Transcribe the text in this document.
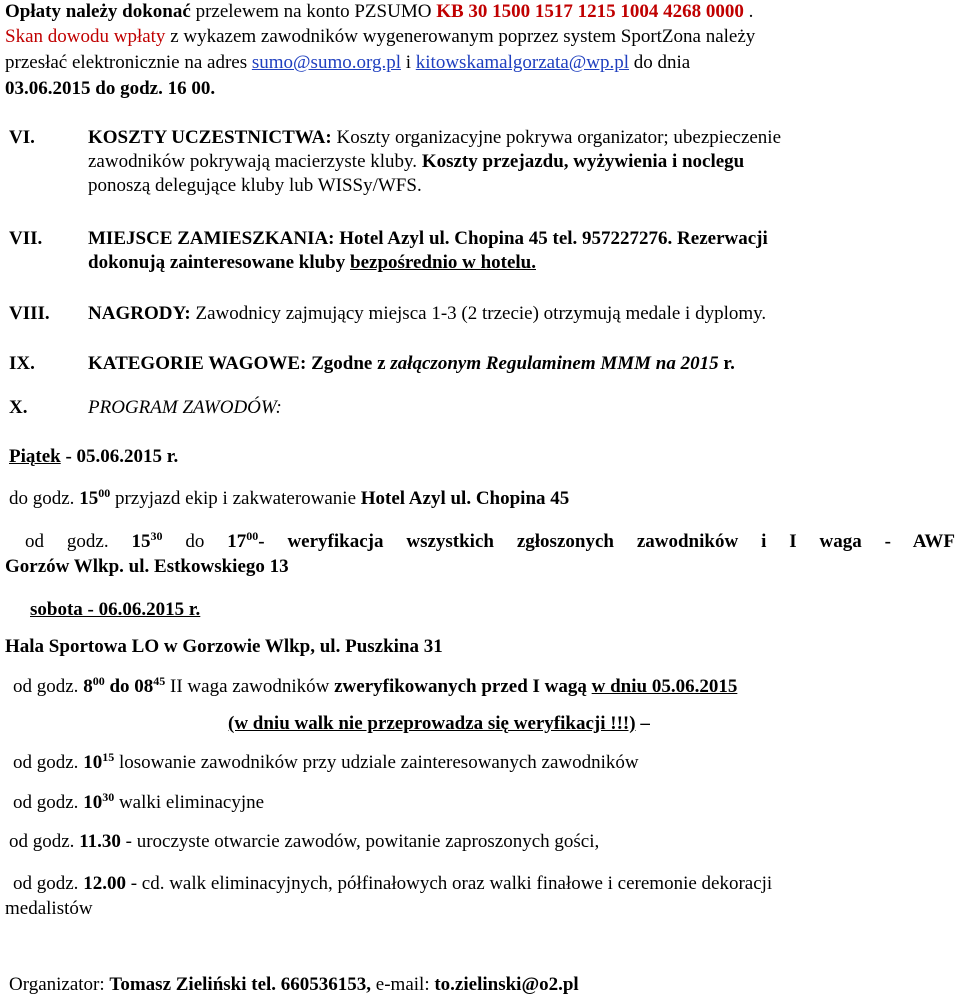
Opłaty należy dokonać przelewem na konto PZSUMO KB 30 1500 1517 1215 1004 4268 0000 .
Skan dowodu wpłaty z wykazem zawodników wygenerowanym poprzez system SportZona należy
przesłać elektronicznie na adres sumo@sumo.org.pl i kitowskamalgorzata@wp.pl do dnia
03.06.2015 do godz. 16 00.
VI.	KOSZTY UCZESTNICTWA: Koszty organizacyjne pokrywa organizator; ubezpieczenie
zawodników pokrywają macierzyste kluby. Koszty przejazdu, wyżywienia i noclegu
ponoszą delegujące kluby lub WISSy/WFS.
VII. MIEJSCE ZAMIESZKANIA: Hotel Azyl ul. Chopina 45 tel. 957227276. Rezerwacji
dokonują zainteresowane kluby bezpośrednio w hotelu.
VIII. NAGRODY: Zawodnicy zajmujący miejsca 1-3 (2 trzecie) otrzymują medale i dyplomy.
IX.	KATEGORIE WAGOWE: Zgodne z załączonym Regulaminem MMM na 2015 r.
X.	PROGRAM ZAWODÓW:
Piątek - 05.06.2015 r.
do godz. $15^{00}$ przyjazd ekip i zakwaterowanie Hotel Azyl ul. Chopina 45
od godz. $15^{30}$ do $17^{00}-$ weryfikacja wszystkich zgłoszonych zawodników i I waga - AWF
Gorzów Wlkp. ul. Estkowskiego 13
sobota - 06.06.2015 r.
Hala Sportowa LO w Gorzowie Wlkp, ul. Puszkina 31
od godz. $8^{00}$ do $08^{45}$ II waga zawodników zweryfikowanych przed I wagą w dniu 05.06.2015
(w dniu walk nie przeprowadza się weryfikacji !!!) –
od godz. $10^{15}$ losowanie zawodników przy udziale zainteresowanych zawodników
od godz. $10^{30}$ walki eliminacyjne
od godz. 11.30 - uroczyste otwarcie zawodów, powitanie zaproszonych gości,
od godz. 12.00 - cd. walk eliminacyjnych, półfinałowych oraz walki finałowe i ceremonie dekoracji
medalistów
Organizator: Tomasz Zieliński tel. 660536153, e-mail: to.zielinski@o2.pl
